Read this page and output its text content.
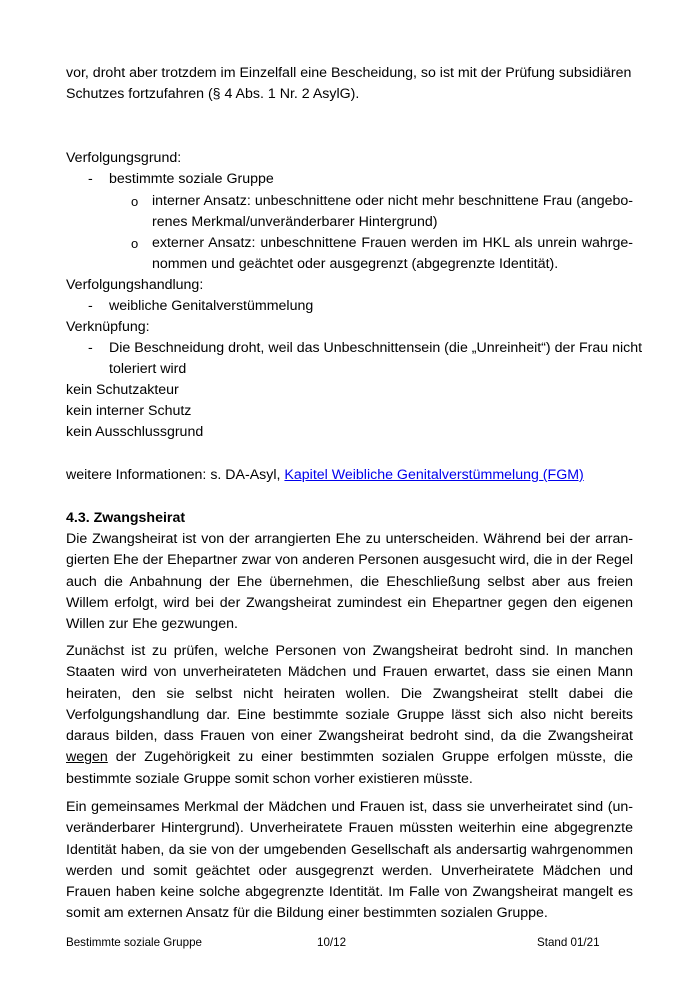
vor, droht aber trotzdem im Einzelfall eine Bescheidung, so ist mit der Prüfung subsidiären
Schutzes fortzufahren (§ 4 Abs. 1 Nr. 2 AsylG).
Verfolgungsgrund:
- bestimmte soziale Gruppe
o interner Ansatz: unbeschnittene oder nicht mehr beschnittene Frau (angebo-
renes Merkmal/unveränderbarer Hintergrund)
o externer Ansatz: unbeschnittene Frauen werden im HKL als unrein wahrge-
nommen und geächtet oder ausgegrenzt (abgegrenzte Identität).
Verfolgungshandlung:
- weibliche Genitalverstümmelung
Verknüpfung:
- Die Beschneidung droht, weil das Unbeschnittensein (die „Unreinheit“) der Frau nicht
toleriert wird
kein Schutzakteur
kein interner Schutz
kein Ausschlussgrund
weitere Informationen: s. DA-Asyl, Kapitel Weibliche Genitalverstümmelung (FGM)
4.3. Zwangsheirat
Die Zwangsheirat ist von der arrangierten Ehe zu unterscheiden. Während bei der arrangierten Ehe der Ehepartner zwar von anderen Personen ausgesucht wird, die in der Regel auch die Anbahnung der Ehe übernehmen, die Eheschließung selbst aber aus freien Willem erfolgt, wird bei der Zwangsheirat zumindest ein Ehepartner gegen den eigenen Willen zur Ehe gezwungen.
Zunächst ist zu prüfen, welche Personen von Zwangsheirat bedroht sind. In manchen Staaten wird von unverheirateten Mädchen und Frauen erwartet, dass sie einen Mann heiraten, den sie selbst nicht heiraten wollen. Die Zwangsheirat stellt dabei die Verfolgungshandlung dar. Eine bestimmte soziale Gruppe lässt sich also nicht bereits daraus bilden, dass Frauen von einer Zwangsheirat bedroht sind, da die Zwangsheirat wegen der Zugehörigkeit zu einer bestimmten sozialen Gruppe erfolgen müsste, die bestimmte soziale Gruppe somit schon vorher existieren müsste.
Ein gemeinsames Merkmal der Mädchen und Frauen ist, dass sie unverheiratet sind (unveränderbarer Hintergrund). Unverheiratete Frauen müssten weiterhin eine abgegrenzte Identität haben, da sie von der umgebenden Gesellschaft als andersartig wahrgenommen werden und somit geächtet oder ausgegrenzt werden. Unverheiratete Mädchen und Frauen haben keine solche abgegrenzte Identität. Im Falle von Zwangsheirat mangelt es somit am externen Ansatz für die Bildung einer bestimmten sozialen Gruppe.
Bestimmte soziale Gruppe	10/12	Stand 01/21
